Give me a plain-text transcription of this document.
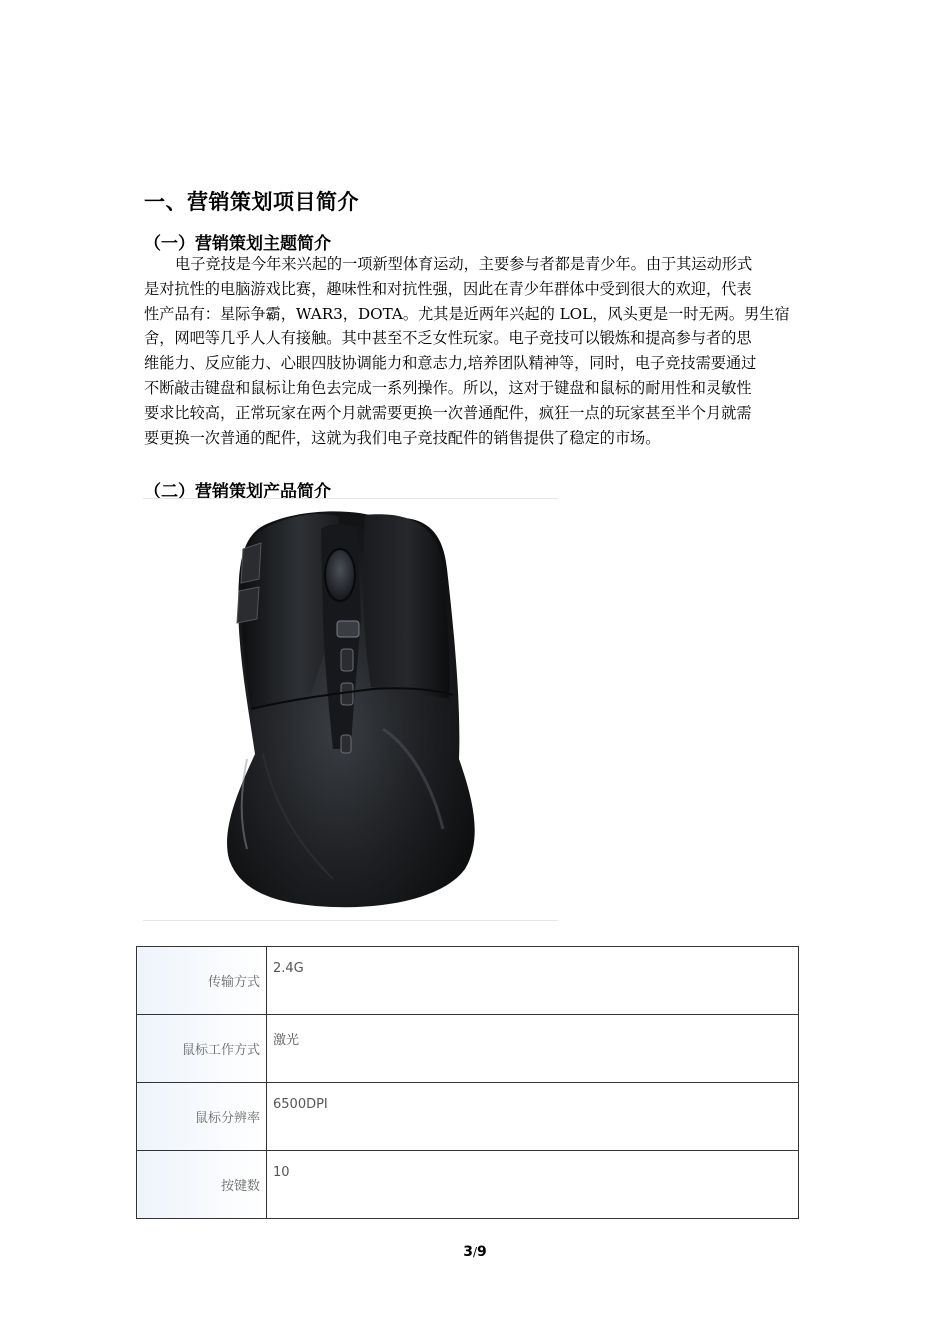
一、营销策划项目简介
（一）营销策划主题简介
电子竞技是今年来兴起的一项新型体育运动，主要参与者都是青少年。由于其运动形式
是对抗性的电脑游戏比赛，趣味性和对抗性强，因此在青少年群体中受到很大的欢迎，代表
性产品有：星际争霸，WAR3，DOTA。尤其是近两年兴起的 LOL，风头更是一时无两。男生宿
舍，网吧等几乎人人有接触。其中甚至不乏女性玩家。电子竞技可以锻炼和提高参与者的思
维能力、反应能力、心眼四肢协调能力和意志力,培养团队精神等，同时，电子竞技需要通过
不断敲击键盘和鼠标让角色去完成一系列操作。所以，这对于键盘和鼠标的耐用性和灵敏性
要求比较高，正常玩家在两个月就需要更换一次普通配件，疯狂一点的玩家甚至半个月就需
要更换一次普通的配件，这就为我们电子竞技配件的销售提供了稳定的市场。
（二）营销策划产品简介
传输方式	2.4G
鼠标工作方式	激光
鼠标分辨率	6500DPI
按键数	10
3/9
